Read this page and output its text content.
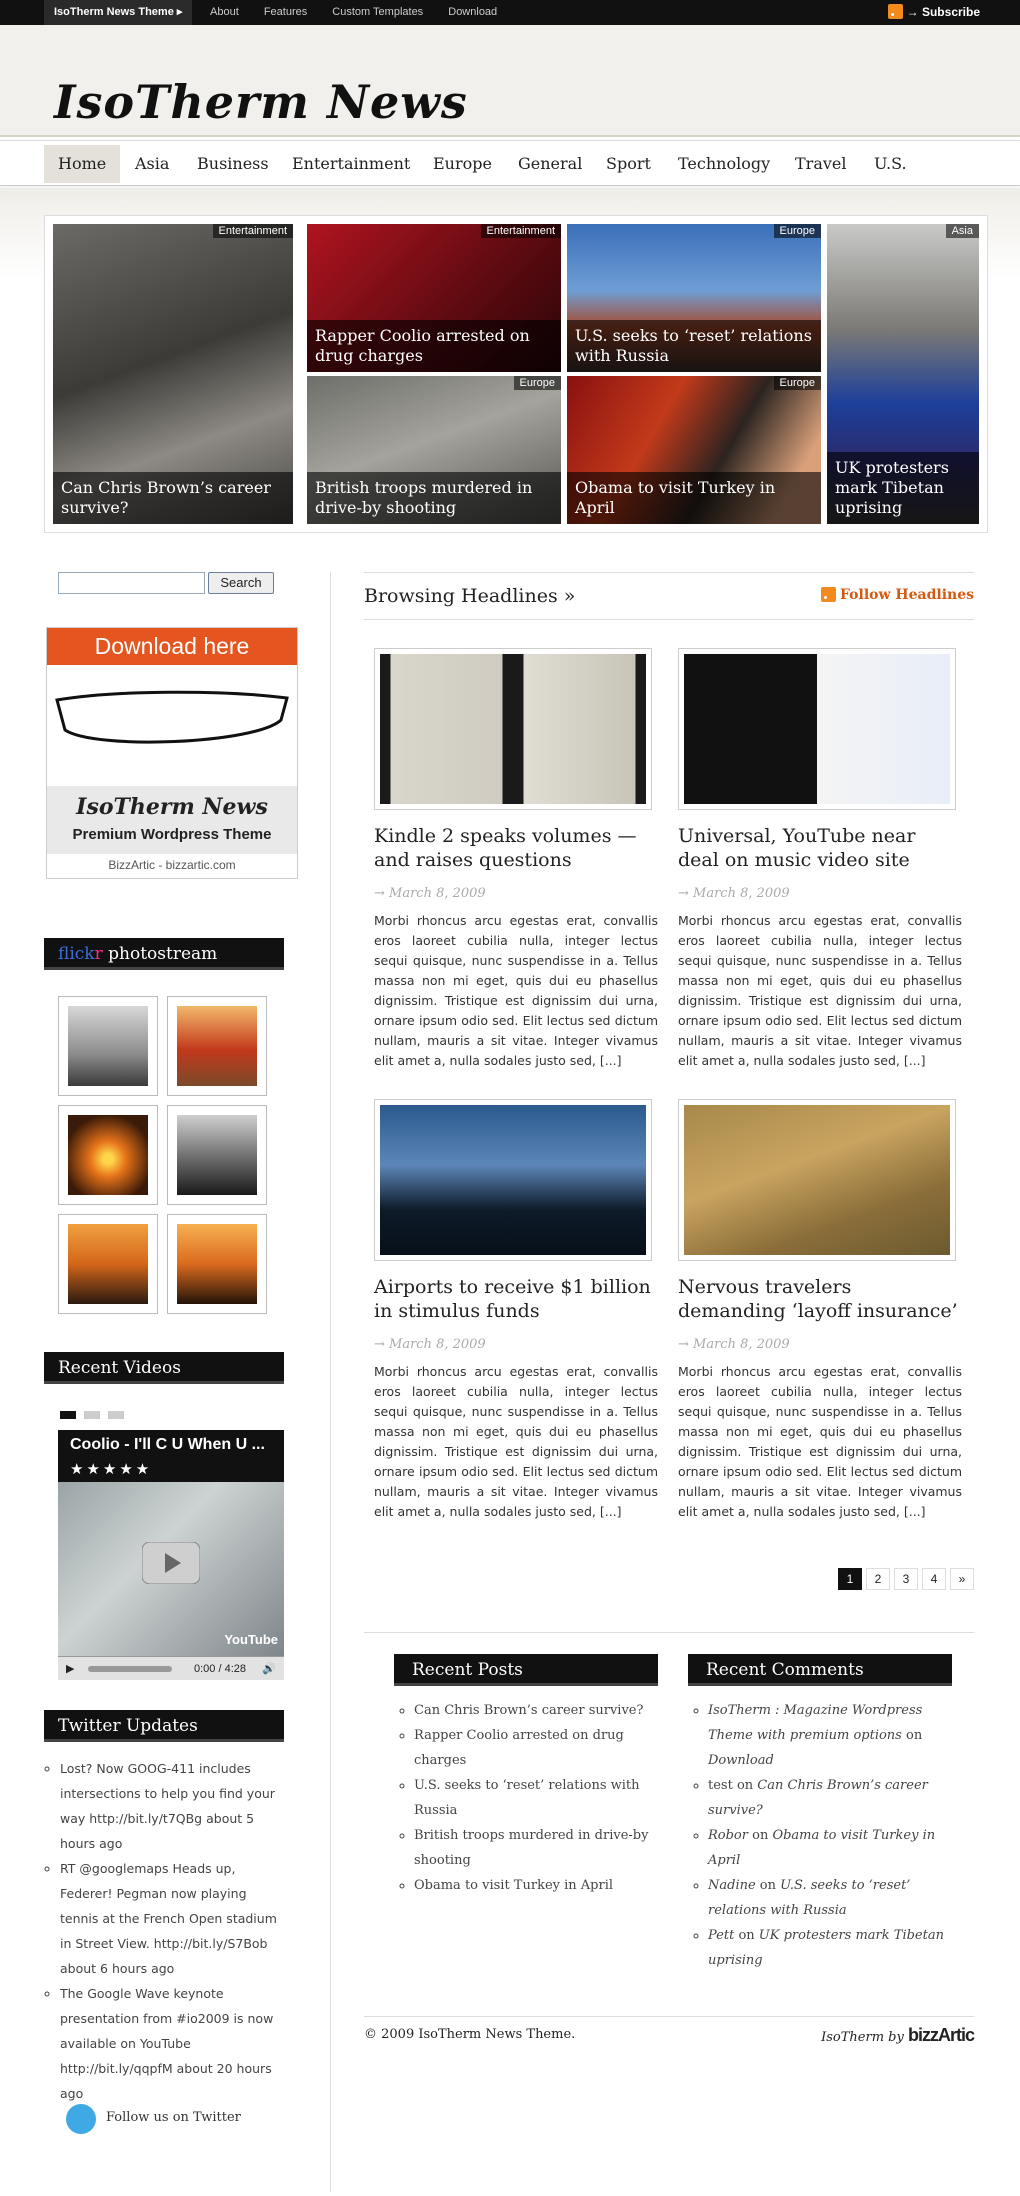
IsoTherm News Theme ▸	About Features Custom Templates Download	→ Subscribe
IsoTherm News
Home	Asia	Business	Entertainment	Europe	General	Sport	Technology	Travel	U.S.
Entertainment
Can Chris Brown’s career survive?
Entertainment
Rapper Coolio arrested on drug charges
Europe
U.S. seeks to ‘reset’ relations with Russia
Asia
UK protesters mark Tibetan uprising
Europe
British troops murdered in drive-by shooting
Europe
Obama to visit Turkey in April
Search
Download here
IsoTherm News
Premium Wordpress Theme
BizzArtic - bizzartic.com
flickr photostream
Recent Videos
Coolio - I'll C U When U ...
★★★★★
YouTube
▶	0:00 / 4:28 🔊
Twitter Updates
◦ Lost? Now GOOG-411 includes intersections to help you find your way http://bit.ly/t7QBg about 5 hours ago
◦ RT @googlemaps Heads up, Federer! Pegman now playing tennis at the French Open stadium in Street View. http://bit.ly/S7Bob about 6 hours ago
◦ The Google Wave keynote presentation from #io2009 is now available on YouTube http://bit.ly/qqpfM about 20 hours ago
Follow us on Twitter
Browsing Headlines »	Follow Headlines
Kindle 2 speaks volumes — and raises questions
→ March 8, 2009

Morbi rhoncus arcu egestas erat, convallis eros laoreet cubilia nulla, integer lectus sequi quisque, nunc suspendisse in a. Tellus massa non mi eget, quis dui eu phasellus dignissim. Tristique est dignissim dui urna, ornare ipsum odio sed. Elit lectus sed dictum nullam, mauris a sit vitae. Integer vivamus elit amet a, nulla sodales justo sed, [...]

Universal, YouTube near deal on music video site
→ March 8, 2009

Morbi rhoncus arcu egestas erat, convallis eros laoreet cubilia nulla, integer lectus sequi quisque, nunc suspendisse in a. Tellus massa non mi eget, quis dui eu phasellus dignissim. Tristique est dignissim dui urna, ornare ipsum odio sed. Elit lectus sed dictum nullam, mauris a sit vitae. Integer vivamus elit amet a, nulla sodales justo sed, [...]

Airports to receive $1 billion in stimulus funds
→ March 8, 2009

Morbi rhoncus arcu egestas erat, convallis eros laoreet cubilia nulla, integer lectus sequi quisque, nunc suspendisse in a. Tellus massa non mi eget, quis dui eu phasellus dignissim. Tristique est dignissim dui urna, ornare ipsum odio sed. Elit lectus sed dictum nullam, mauris a sit vitae. Integer vivamus elit amet a, nulla sodales justo sed, [...]

Nervous travelers demanding ‘layoff insurance’
→ March 8, 2009

Morbi rhoncus arcu egestas erat, convallis eros laoreet cubilia nulla, integer lectus sequi quisque, nunc suspendisse in a. Tellus massa non mi eget, quis dui eu phasellus dignissim. Tristique est dignissim dui urna, ornare ipsum odio sed. Elit lectus sed dictum nullam, mauris a sit vitae. Integer vivamus elit amet a, nulla sodales justo sed, [...]

1	2	3	4	»
Recent Posts
◦ Can Chris Brown’s career survive?
◦ Rapper Coolio arrested on drug charges
◦ U.S. seeks to ‘reset’ relations with Russia
◦ British troops murdered in drive-by shooting
◦ Obama to visit Turkey in April
Recent Comments
◦ IsoTherm : Magazine Wordpress Theme with premium options on Download
◦ test on Can Chris Brown’s career survive?
◦ Robor on Obama to visit Turkey in April
◦ Nadine on U.S. seeks to ‘reset’ relations with Russia
◦ Pett on UK protesters mark Tibetan uprising
© 2009 IsoTherm News Theme.	IsoTherm by bizzArtic
